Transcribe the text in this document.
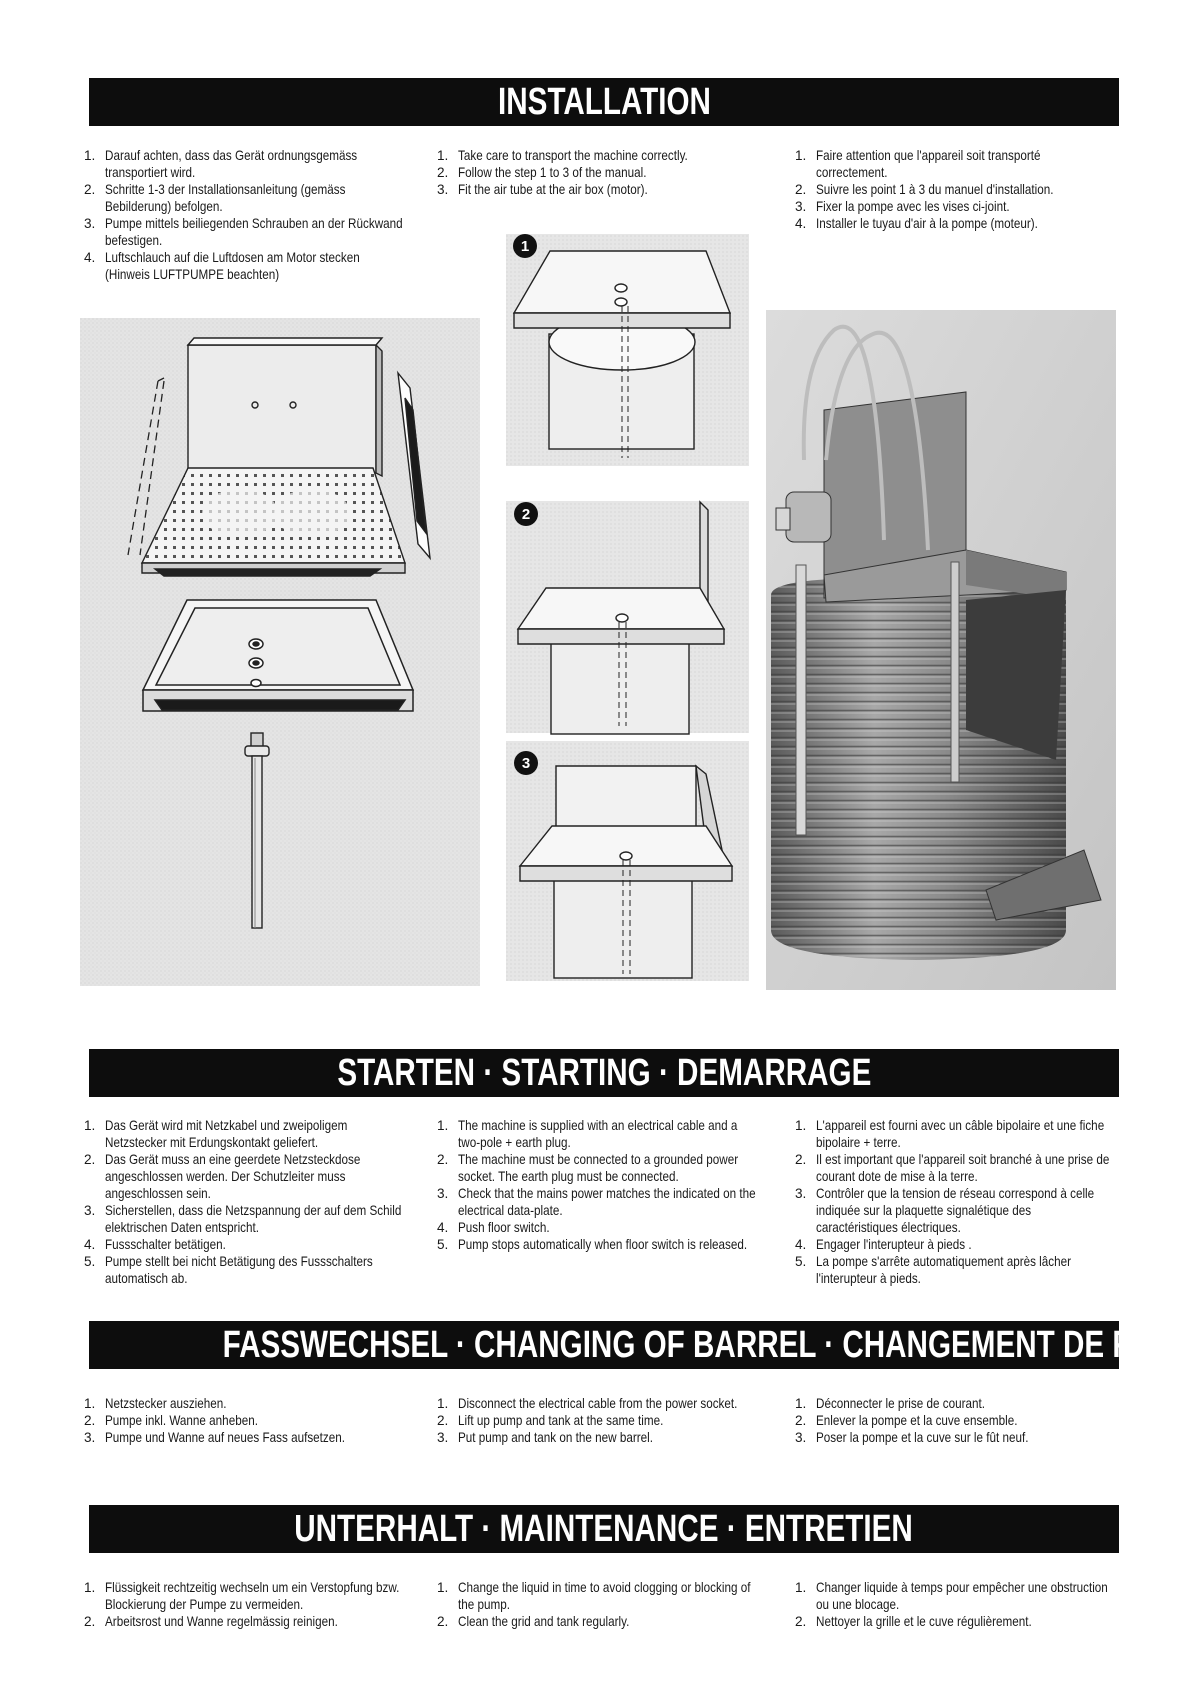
INSTALLATION
1. Darauf achten, dass das Gerät ordnungsgemäss transportiert wird.
2. Schritte 1-3 der Installationsanleitung (gemäss Bebilderung) befolgen.
3. Pumpe mittels beiliegenden Schrauben an der Rückwand befestigen.
4. Luftschlauch auf die Luftdosen am Motor stecken (Hinweis LUFTPUMPE beachten)
1. Take care to transport the machine correctly.
2. Follow the step 1 to 3 of the manual.
3. Fit the air tube at the air box (motor).
1. Faire attention que l'appareil soit transporté correctement.
2. Suivre les point 1 à 3 du manuel d'installation.
3. Fixer la pompe avec les vises ci-joint.
4. Installer le tuyau d'air à la pompe (moteur).
1
2
3
STARTEN · STARTING · DEMARRAGE
1. Das Gerät wird mit Netzkabel und zweipoligem Netzstecker mit Erdungskontakt geliefert.
2. Das Gerät muss an eine geerdete Netzsteckdose angeschlossen werden. Der Schutzleiter muss angeschlossen sein.
3. Sicherstellen, dass die Netzspannung der auf dem Schild elektrischen Daten entspricht.
4. Fussschalter betätigen.
5. Pumpe stellt bei nicht Betätigung des Fussschalters automatisch ab.
1. The machine is supplied with an electrical cable and a two-pole + earth plug.
2. The machine must be connected to a grounded power socket. The earth plug must be connected.
3. Check that the mains power matches the indicated on the electrical data-plate.
4. Push floor switch.
5. Pump stops automatically when floor switch is released.
1. L'appareil est fourni avec un câble bipolaire et une fiche bipolaire + terre.
2. Il est important que l'appareil soit branché à une prise de courant dote de mise à la terre.
3. Contrôler que la tension de réseau correspond à celle indiquée sur la plaquette signalétique des caractéristiques électriques.
4. Engager l'interupteur à pieds .
5. La pompe s'arrête automatiquement après lâcher l'interupteur à pieds.
FASSWECHSEL · CHANGING OF BARREL · CHANGEMENT DE FUT
1. Netzstecker ausziehen.
2. Pumpe inkl. Wanne anheben.
3. Pumpe und Wanne auf neues Fass aufsetzen.
1. Disconnect the electrical cable from the power socket.
2. Lift up pump and tank at the same time.
3. Put pump and tank on the new barrel.
1. Déconnecter le prise de courant.
2. Enlever la pompe et la cuve ensemble.
3. Poser la pompe et la cuve sur le fût neuf.
UNTERHALT · MAINTENANCE · ENTRETIEN
1. Flüssigkeit rechtzeitig wechseln um ein Verstopfung bzw. Blockierung der Pumpe zu vermeiden.
2. Arbeitsrost und Wanne regelmässig reinigen.
1. Change the liquid in time to avoid clogging or blocking of the pump.
2. Clean the grid and tank regularly.
1. Changer liquide à temps pour empêcher une obstruction ou une blocage.
2. Nettoyer la grille et le cuve régulièrement.
